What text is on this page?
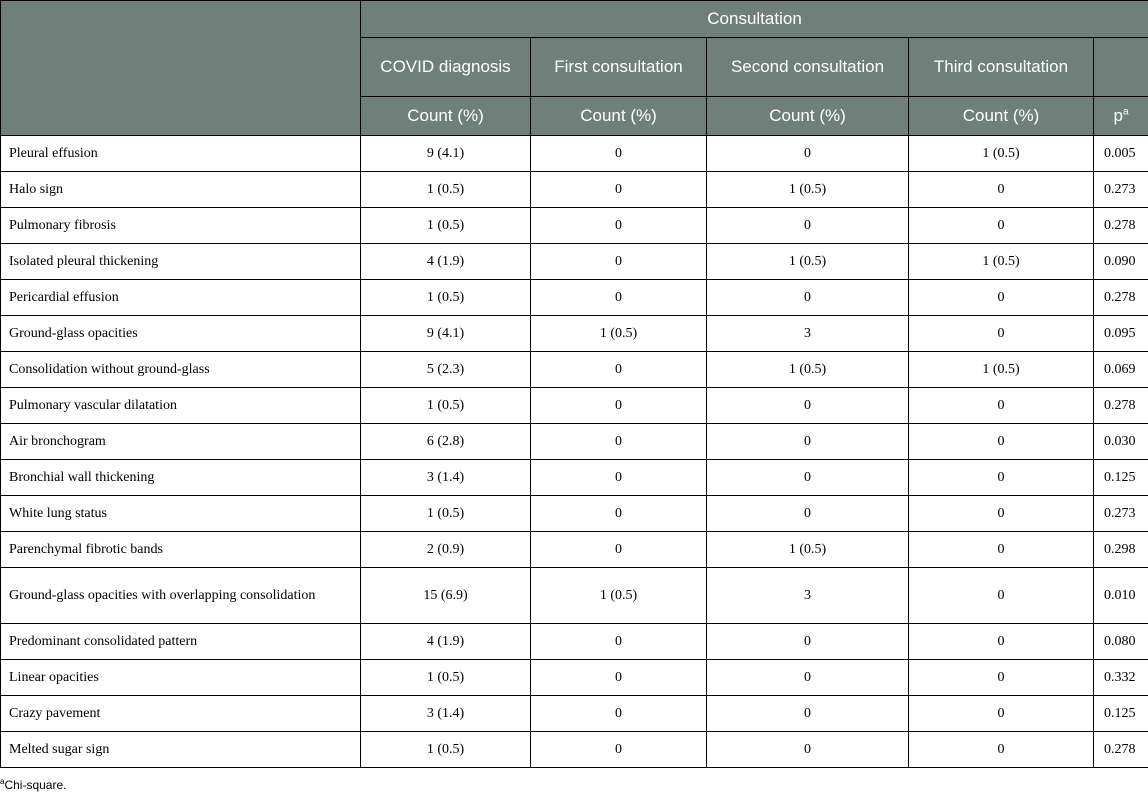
	Consultation				
	COVID diagnosis	First consultation	Second consultation	Third consultation	
	Count (%)	Count (%)	Count (%)	Count (%)	$p^a$
Pleural effusion	9 (4.1)	0	0	1 (0.5)	0.005
Halo sign	1 (0.5)	0	1 (0.5)	0	0.273
Pulmonary fibrosis	1 (0.5)	0	0	0	0.278
Isolated pleural thickening	4 (1.9)	0	1 (0.5)	1 (0.5)	0.090
Pericardial effusion	1 (0.5)	0	0	0	0.278
Ground-glass opacities	9 (4.1)	1 (0.5)	3	0	0.095
Consolidation without ground-glass	5 (2.3)	0	1 (0.5)	1 (0.5)	0.069
Pulmonary vascular dilatation	1 (0.5)	0	0	0	0.278
Air bronchogram	6 (2.8)	0	0	0	0.030
Bronchial wall thickening	3 (1.4)	0	0	0	0.125
White lung status	1 (0.5)	0	0	0	0.273
Parenchymal fibrotic bands	2 (0.9)	0	1 (0.5)	0	0.298
Ground-glass opacities with overlapping consolidation	15 (6.9)	1 (0.5)	3	0	0.010
Predominant consolidated pattern	4 (1.9)	0	0	0	0.080
Linear opacities	1 (0.5)	0	0	0	0.332
Crazy pavement	3 (1.4)	0	0	0	0.125
Melted sugar sign	1 (0.5)	0	0	0	0.278
$^a$Chi-square.
